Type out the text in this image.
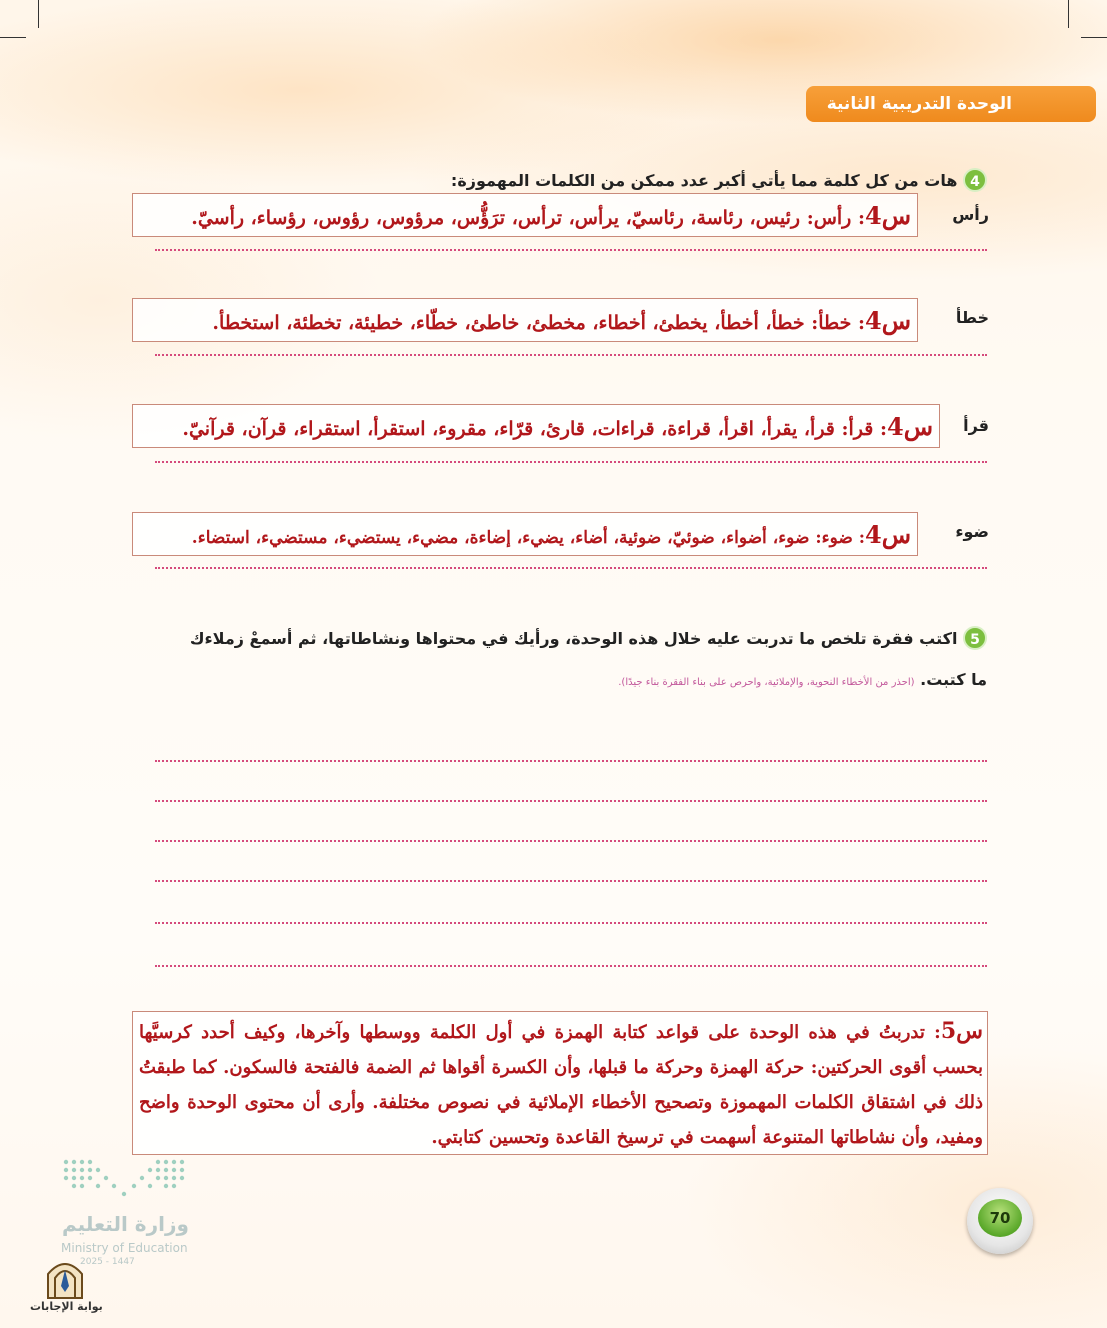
الوحدة التدريبية الثانية
4 هات من كل كلمة مما يأتي أكبر عدد ممكن من الكلمات المهموزة:
رأس
س4: رأس: رئيس، رئاسة، رئاسيّ، يرأس، ترأس، ترَؤُّس، مرؤوس، رؤوس، رؤساء، رأسيّ.
خطأ
س4: خطأ: خطأ، أخطأ، يخطئ، أخطاء، مخطئ، خاطئ، خطّاء، خطيئة، تخطئة، استخطأ.
قرأ
س4: قرأ: قرأ، يقرأ، اقرأ، قراءة، قراءات، قارئ، قرّاء، مقروء، استقرأ، استقراء، قرآن، قرآنيّ.
ضوء
س4: ضوء: ضوء، أضواء، ضوئيّ، ضوئية، أضاء، يضيء، إضاءة، مضيء، يستضيء، مستضيء، استضاء.
5 اكتب فقرة تلخص ما تدربت عليه خلال هذه الوحدة، ورأيك في محتواها ونشاطاتها، ثم أسمعْ زملاءك
ما كتبت. (احذر من الأخطاء النحوية، والإملائية، واحرص على بناء الفقرة بناء جيدًا).
س5: تدربتُ في هذه الوحدة على قواعد كتابة الهمزة في أول الكلمة ووسطها وآخرها، وكيف أحدد كرسيَّها بحسب أقوى الحركتين: حركة الهمزة وحركة ما قبلها، وأن الكسرة أقواها ثم الضمة فالفتحة فالسكون. كما طبقتُ ذلك في اشتقاق الكلمات المهموزة وتصحيح الأخطاء الإملائية في نصوص مختلفة. وأرى أن محتوى الوحدة واضح ومفيد، وأن نشاطاتها المتنوعة أسهمت في ترسيخ القاعدة وتحسين كتابتي.
وزارة التعليم
Ministry of Education
2025 - 1447
بوابة الإجابات
70
